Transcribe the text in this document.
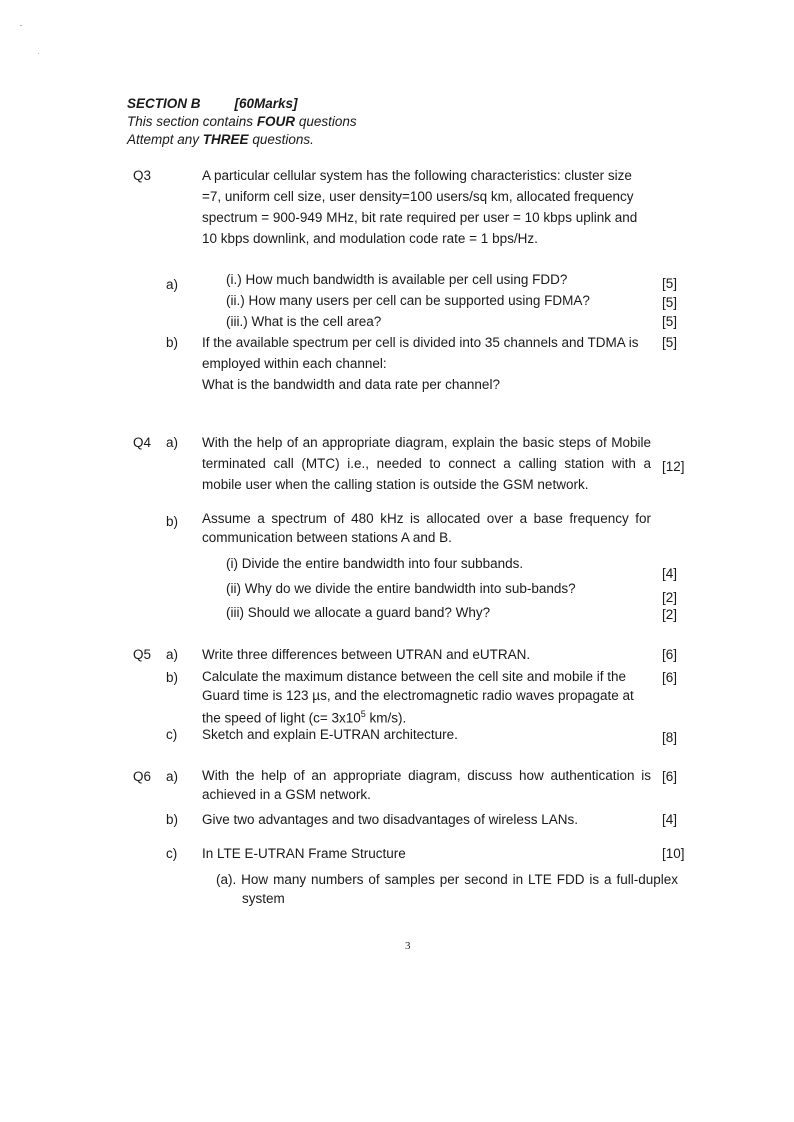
SECTION B	[60Marks]
This section contains FOUR questions
Attempt any THREE questions.
Q3	A particular cellular system has the following characteristics: cluster size
=7, uniform cell size, user density=100 users/sq km, allocated frequency
spectrum = 900-949 MHz, bit rate required per user = 10 kbps uplink and
10 kbps downlink, and modulation code rate = 1 bps/Hz.
a)	(i.) How much bandwidth is available per cell using FDD?	[5]
(ii.) How many users per cell can be supported using FDMA?	[5]
(iii.) What is the cell area?	[5]
b) If the available spectrum per cell is divided into 35 channels and TDMA is [5]
employed within each channel:
What is the bandwidth and data rate per channel?
Q4 a) With the help of an appropriate diagram, explain the basic steps of Mobile terminated call (MTC) i.e., needed to connect a calling station with a mobile user when the calling station is outside the GSM network.
[12]
b) Assume a spectrum of 480 kHz is allocated over a base frequency for communication between stations A and B.
(i) Divide the entire bandwidth into four subbands.
[4]
(ii) Why do we divide the entire bandwidth into sub-bands?
[2]
(iii) Should we allocate a guard band? Why?	[2]
Q5 a) Write three differences between UTRAN and eUTRAN.	[6]
b) Calculate the maximum distance between the cell site and mobile if the	[6]
Guard time is 123 µs, and the electromagnetic radio waves propagate at
the speed of light ($c= 3x10^5$ km/s).
c) Sketch and explain E-UTRAN architecture.	[8]
Q6 a) With the help of an appropriate diagram, discuss how authentication is achieved in a GSM network.
[6]
b) Give two advantages and two disadvantages of wireless LANs.	[4]
c) In LTE E-UTRAN Frame Structure	[10]
(a). How many numbers of samples per second in LTE FDD is a full-duplex system
3
